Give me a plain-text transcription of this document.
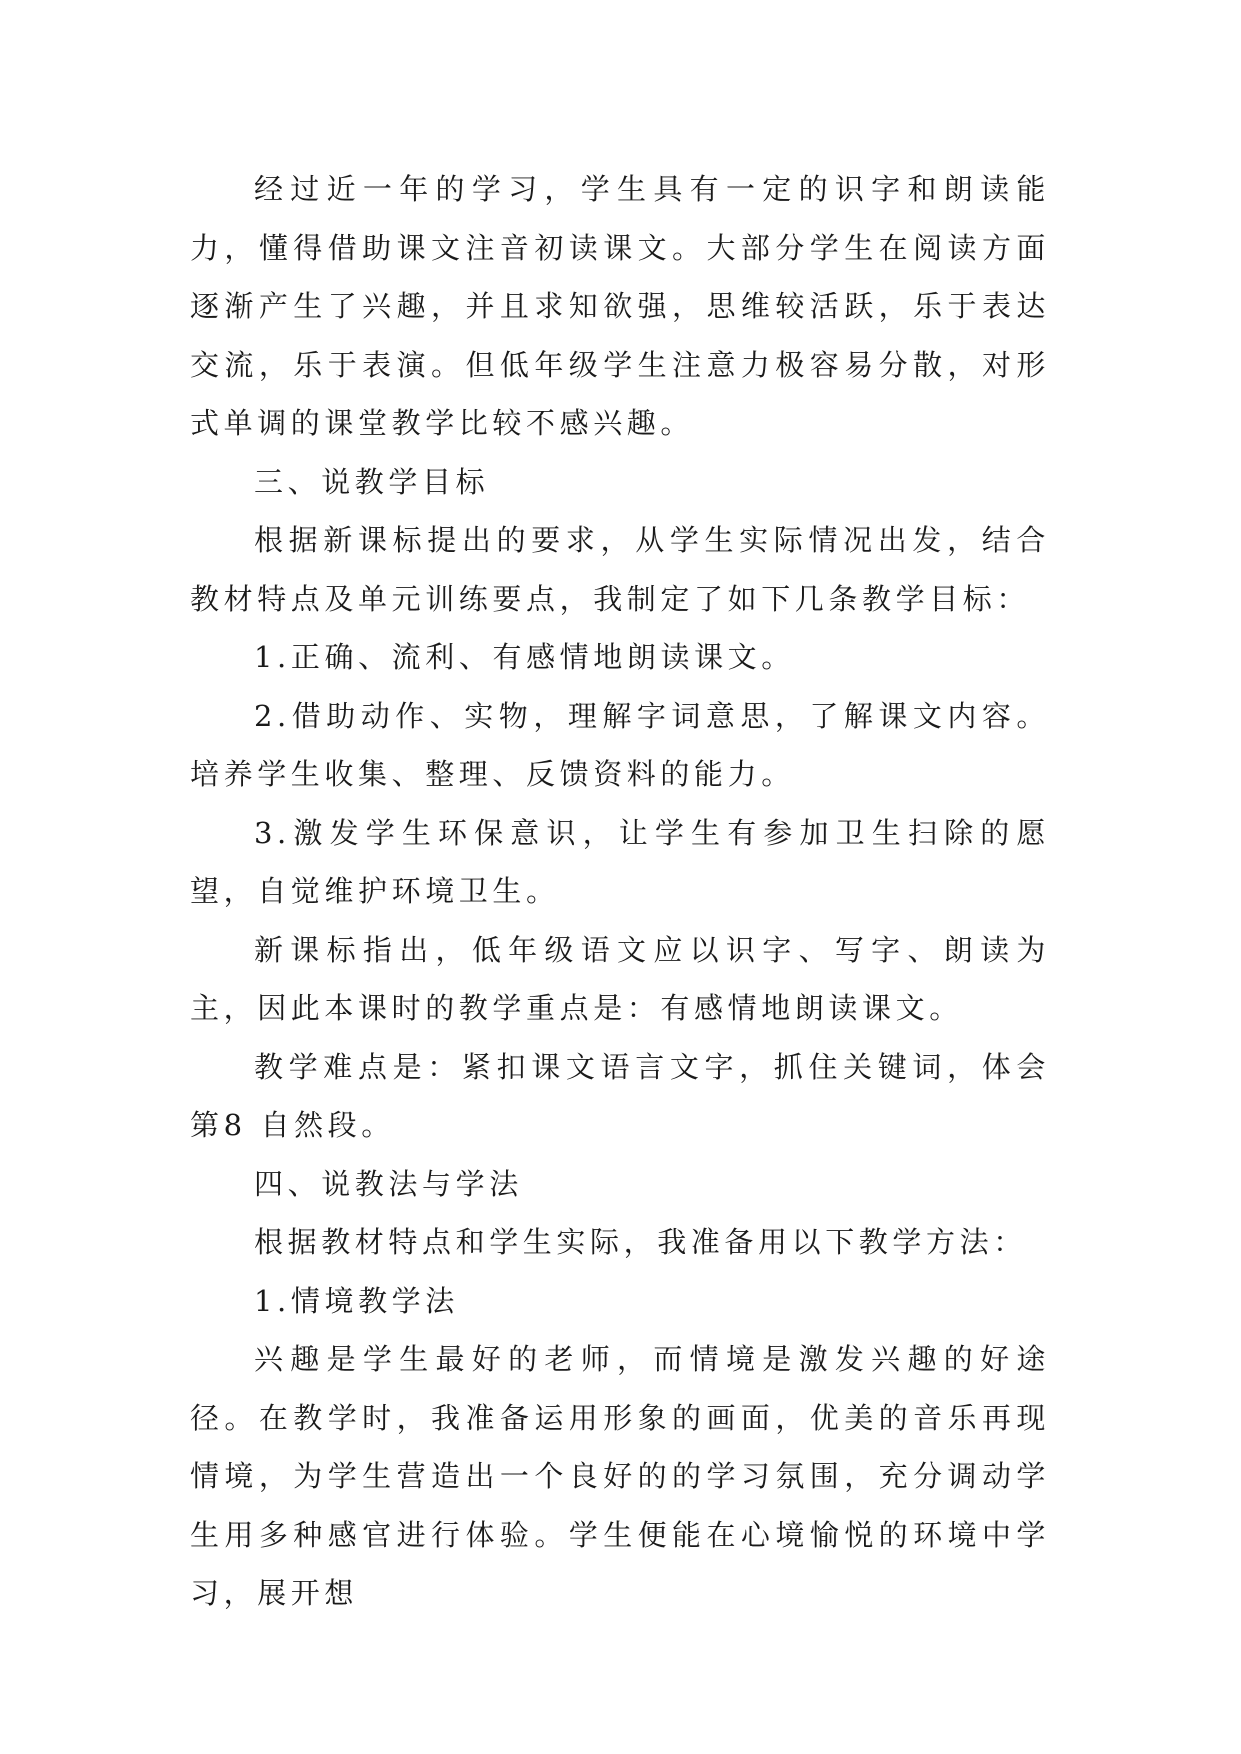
经过近一年的学习，学生具有一定的识字和朗读能力，懂得借助课文注音初读课文。大部分学生在阅读方面逐渐产生了兴趣，并且求知欲强，思维较活跃，乐于表达交流，乐于表演。但低年级学生注意力极容易分散，对形式单调的课堂教学比较不感兴趣。

三、说教学目标

根据新课标提出的要求，从学生实际情况出发，结合教材特点及单元训练要点，我制定了如下几条教学目标：

1.正确、流利、有感情地朗读课文。

2.借助动作、实物，理解字词意思，了解课文内容。培养学生收集、整理、反馈资料的能力。

3.激发学生环保意识，让学生有参加卫生扫除的愿望，自觉维护环境卫生。

新课标指出，低年级语文应以识字、写字、朗读为主，因此本课时的教学重点是：有感情地朗读课文。

教学难点是：紧扣课文语言文字，抓住关键词，体会第8 自然段。

四、说教法与学法

根据教材特点和学生实际，我准备用以下教学方法：

1.情境教学法

兴趣是学生最好的老师，而情境是激发兴趣的好途径。在教学时，我准备运用形象的画面，优美的音乐再现情境，为学生营造出一个良好的的学习氛围，充分调动学生用多种感官进行体验。学生便能在心境愉悦的环境中学习，展开想
